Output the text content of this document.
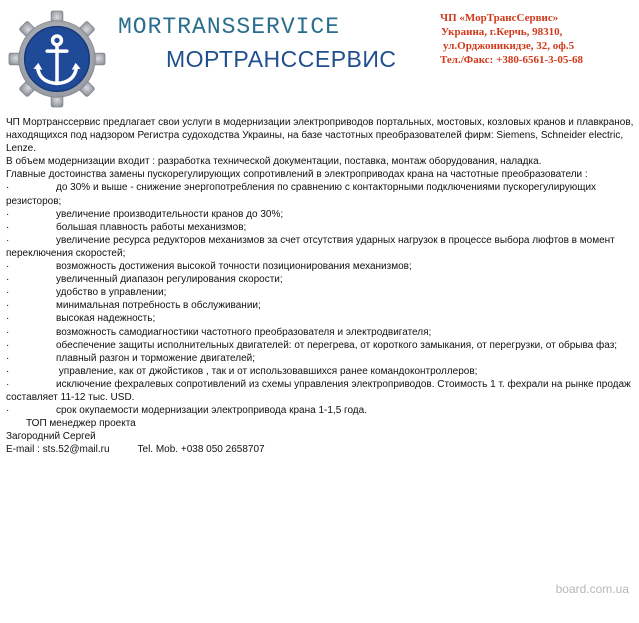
MORTRANSSERVICE
МОРТРАНССЕРВИС
ЧП «МорТрансСервис»
Украина, г.Керчь, 98310,
ул.Орджоникидзе, 32, оф.5
Тел./Факс: +380-6561-3-05-68

ЧП Мортранссервис предлагает свои услуги в модернизации электроприводов портальных, мостовых, козловых кранов и плавкранов, находящихся под надзором Регистра судоходства Украины, на базе частотных преобразователей фирм: Siemens, Schneider electric, Lenze.

В объем модернизации входит : разработка технической документации, поставка, монтаж оборудования, наладка.

Главные достоинства замены пускорегулирующих сопротивлений в электроприводах крана на частотные преобразователи :

·	до 30% и выше - снижение энергопотребления по сравнению с контакторными подключениями пускорегулирующих резисторов;
·	увеличение производительности кранов до 30%;
·	большая плавность работы механизмов;
·	увеличение ресурса редукторов механизмов за счет отсутствия ударных нагрузок в процессе выбора люфтов в момент переключения скоростей;
·	возможность достижения высокой точности позиционирования механизмов;
·	увеличенный диапазон регулирования скорости;
·	удобство в управлении;
·	минимальная потребность в обслуживании;
·	высокая надежность;
·	возможность самодиагностики частотного преобразователя и электродвигателя;
·	обеспечение защиты исполнительных двигателей: от перегрева, от короткого замыкания, от перегрузки, от обрыва фаз;
·	плавный разгон и торможение двигателей;
·	управление, как от джойстиков , так и от использовавшихся ранее командоконтроллеров;
·	исключение фехралевых сопротивлений из схемы управления электроприводов. Стоимость 1 т. фехрали на рынке продаж составляет 11-12 тыс. USD.
·	срок окупаемости модернизации электропривода крана 1-1,5 года.

ТОП менеджер проекта

Загородний Сергей

E-mail : sts.52@mail.ru	Tel. Mob. +038 050 2658707

board.com.ua
